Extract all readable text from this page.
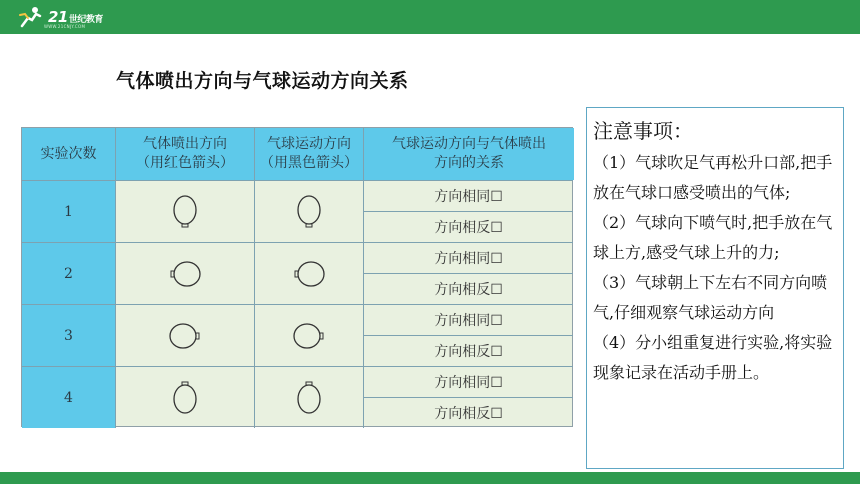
21世纪教育
WWW.21CNJY.COM
气体喷出方向与气球运动方向关系
实验次数
气体喷出方向
（用红色箭头）
气球运动方向
（用黑色箭头）
气球运动方向与气体喷出
方向的关系
1
方向相同☐
方向相反☐
2
方向相同☐
方向相反☐
3
方向相同☐
方向相反☐
4
方向相同☐
方向相反☐
注意事项：

（1）气球吹足气再松升口部,把手放在气球口感受喷出的气体;

（2）气球向下喷气时,把手放在气球上方,感受气球上升的力;

（3）气球朝上下左右不同方向喷气,仔细观察气球运动方向

（4）分小组重复进行实验,将实验现象记录在活动手册上。
